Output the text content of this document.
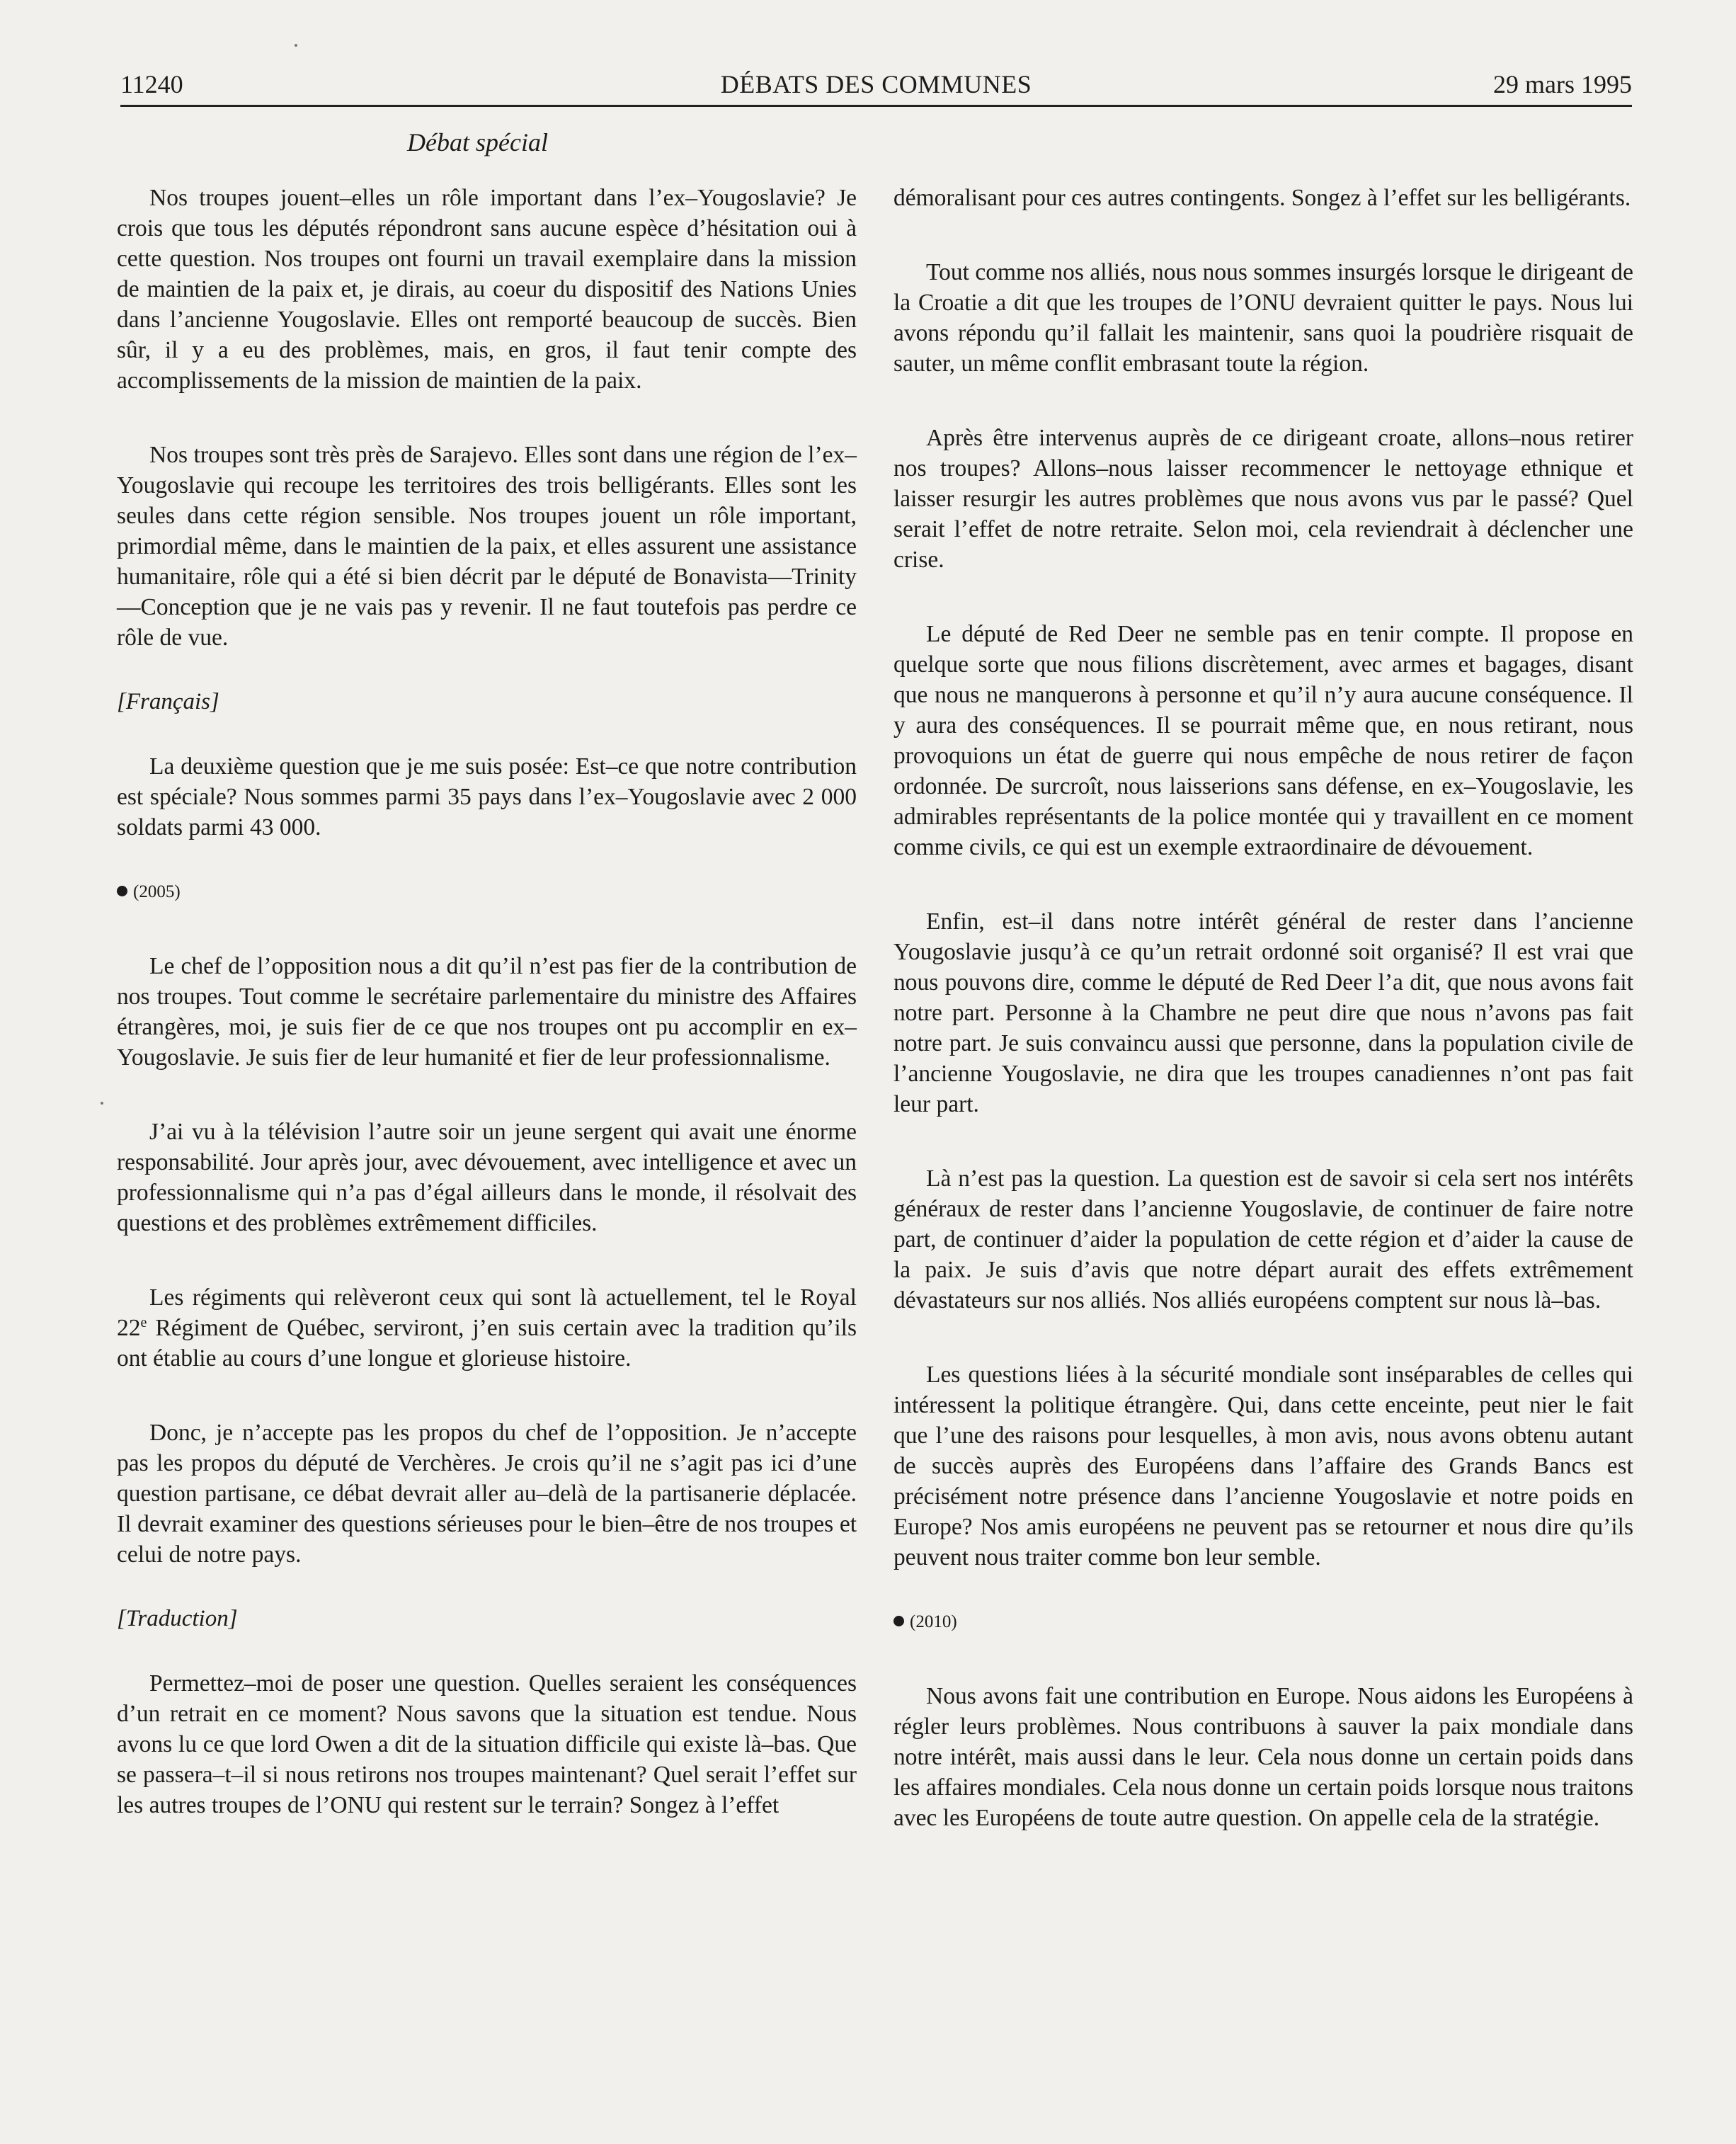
11240	DÉBATS DES COMMUNES	29 mars 1995
Débat spécial

Nos troupes jouent–elles un rôle important dans l’ex–Yougoslavie? Je crois que tous les députés répondront sans aucune espèce d’hésitation oui à cette question. Nos troupes ont fourni un travail exemplaire dans la mission de maintien de la paix et, je dirais, au coeur du dispositif des Nations Unies dans l’ancienne Yougoslavie. Elles ont remporté beaucoup de succès. Bien sûr, il y a eu des problèmes, mais, en gros, il faut tenir compte des accomplissements de la mission de maintien de la paix.

Nos troupes sont très près de Sarajevo. Elles sont dans une région de l’ex–Yougoslavie qui recoupe les territoires des trois belligérants. Elles sont les seules dans cette région sensible. Nos troupes jouent un rôle important, primordial même, dans le maintien de la paix, et elles assurent une assistance humanitaire, rôle qui a été si bien décrit par le député de Bonavista—Trinity—Conception que je ne vais pas y revenir. Il ne faut toutefois pas perdre ce rôle de vue.

[Français]

La deuxième question que je me suis posée: Est–ce que notre contribution est spéciale? Nous sommes parmi 35 pays dans l’ex–Yougoslavie avec 2 000 soldats parmi 43 000.

(2005)

Le chef de l’opposition nous a dit qu’il n’est pas fier de la contribution de nos troupes. Tout comme le secrétaire parlementaire du ministre des Affaires étrangères, moi, je suis fier de ce que nos troupes ont pu accomplir en ex–Yougoslavie. Je suis fier de leur humanité et fier de leur professionnalisme.

J’ai vu à la télévision l’autre soir un jeune sergent qui avait une énorme responsabilité. Jour après jour, avec dévouement, avec intelligence et avec un professionnalisme qui n’a pas d’égal ailleurs dans le monde, il résolvait des questions et des problèmes extrêmement difficiles.

Les régiments qui relèveront ceux qui sont là actuellement, tel le Royal 22e Régiment de Québec, serviront, j’en suis certain avec la tradition qu’ils ont établie au cours d’une longue et glorieuse histoire.

Donc, je n’accepte pas les propos du chef de l’opposition. Je n’accepte pas les propos du député de Verchères. Je crois qu’il ne s’agit pas ici d’une question partisane, ce débat devrait aller au–delà de la partisanerie déplacée. Il devrait examiner des questions sérieuses pour le bien–être de nos troupes et celui de notre pays.

[Traduction]

Permettez–moi de poser une question. Quelles seraient les conséquences d’un retrait en ce moment? Nous savons que la situation est tendue. Nous avons lu ce que lord Owen a dit de la situation difficile qui existe là–bas. Que se passera–t–il si nous retirons nos troupes maintenant? Quel serait l’effet sur les autres troupes de l’ONU qui restent sur le terrain? Songez à l’effet

démoralisant pour ces autres contingents. Songez à l’effet sur les belligérants.

Tout comme nos alliés, nous nous sommes insurgés lorsque le dirigeant de la Croatie a dit que les troupes de l’ONU devraient quitter le pays. Nous lui avons répondu qu’il fallait les maintenir, sans quoi la poudrière risquait de sauter, un même conflit embrasant toute la région.

Après être intervenus auprès de ce dirigeant croate, allons–nous retirer nos troupes? Allons–nous laisser recommencer le nettoyage ethnique et laisser resurgir les autres problèmes que nous avons vus par le passé? Quel serait l’effet de notre retraite. Selon moi, cela reviendrait à déclencher une crise.

Le député de Red Deer ne semble pas en tenir compte. Il propose en quelque sorte que nous filions discrètement, avec armes et bagages, disant que nous ne manquerons à personne et qu’il n’y aura aucune conséquence. Il y aura des conséquences. Il se pourrait même que, en nous retirant, nous provoquions un état de guerre qui nous empêche de nous retirer de façon ordonnée. De surcroît, nous laisserions sans défense, en ex–Yougoslavie, les admirables représentants de la police montée qui y travaillent en ce moment comme civils, ce qui est un exemple extraordinaire de dévouement.

Enfin, est–il dans notre intérêt général de rester dans l’ancienne Yougoslavie jusqu’à ce qu’un retrait ordonné soit organisé? Il est vrai que nous pouvons dire, comme le député de Red Deer l’a dit, que nous avons fait notre part. Personne à la Chambre ne peut dire que nous n’avons pas fait notre part. Je suis convaincu aussi que personne, dans la population civile de l’ancienne Yougoslavie, ne dira que les troupes canadiennes n’ont pas fait leur part.

Là n’est pas la question. La question est de savoir si cela sert nos intérêts généraux de rester dans l’ancienne Yougoslavie, de continuer de faire notre part, de continuer d’aider la population de cette région et d’aider la cause de la paix. Je suis d’avis que notre départ aurait des effets extrêmement dévastateurs sur nos alliés. Nos alliés européens comptent sur nous là–bas.

Les questions liées à la sécurité mondiale sont inséparables de celles qui intéressent la politique étrangère. Qui, dans cette enceinte, peut nier le fait que l’une des raisons pour lesquelles, à mon avis, nous avons obtenu autant de succès auprès des Européens dans l’affaire des Grands Bancs est précisément notre présence dans l’ancienne Yougoslavie et notre poids en Europe? Nos amis européens ne peuvent pas se retourner et nous dire qu’ils peuvent nous traiter comme bon leur semble.

(2010)

Nous avons fait une contribution en Europe. Nous aidons les Européens à régler leurs problèmes. Nous contribuons à sauver la paix mondiale dans notre intérêt, mais aussi dans le leur. Cela nous donne un certain poids dans les affaires mondiales. Cela nous donne un certain poids lorsque nous traitons avec les Européens de toute autre question. On appelle cela de la stratégie.
